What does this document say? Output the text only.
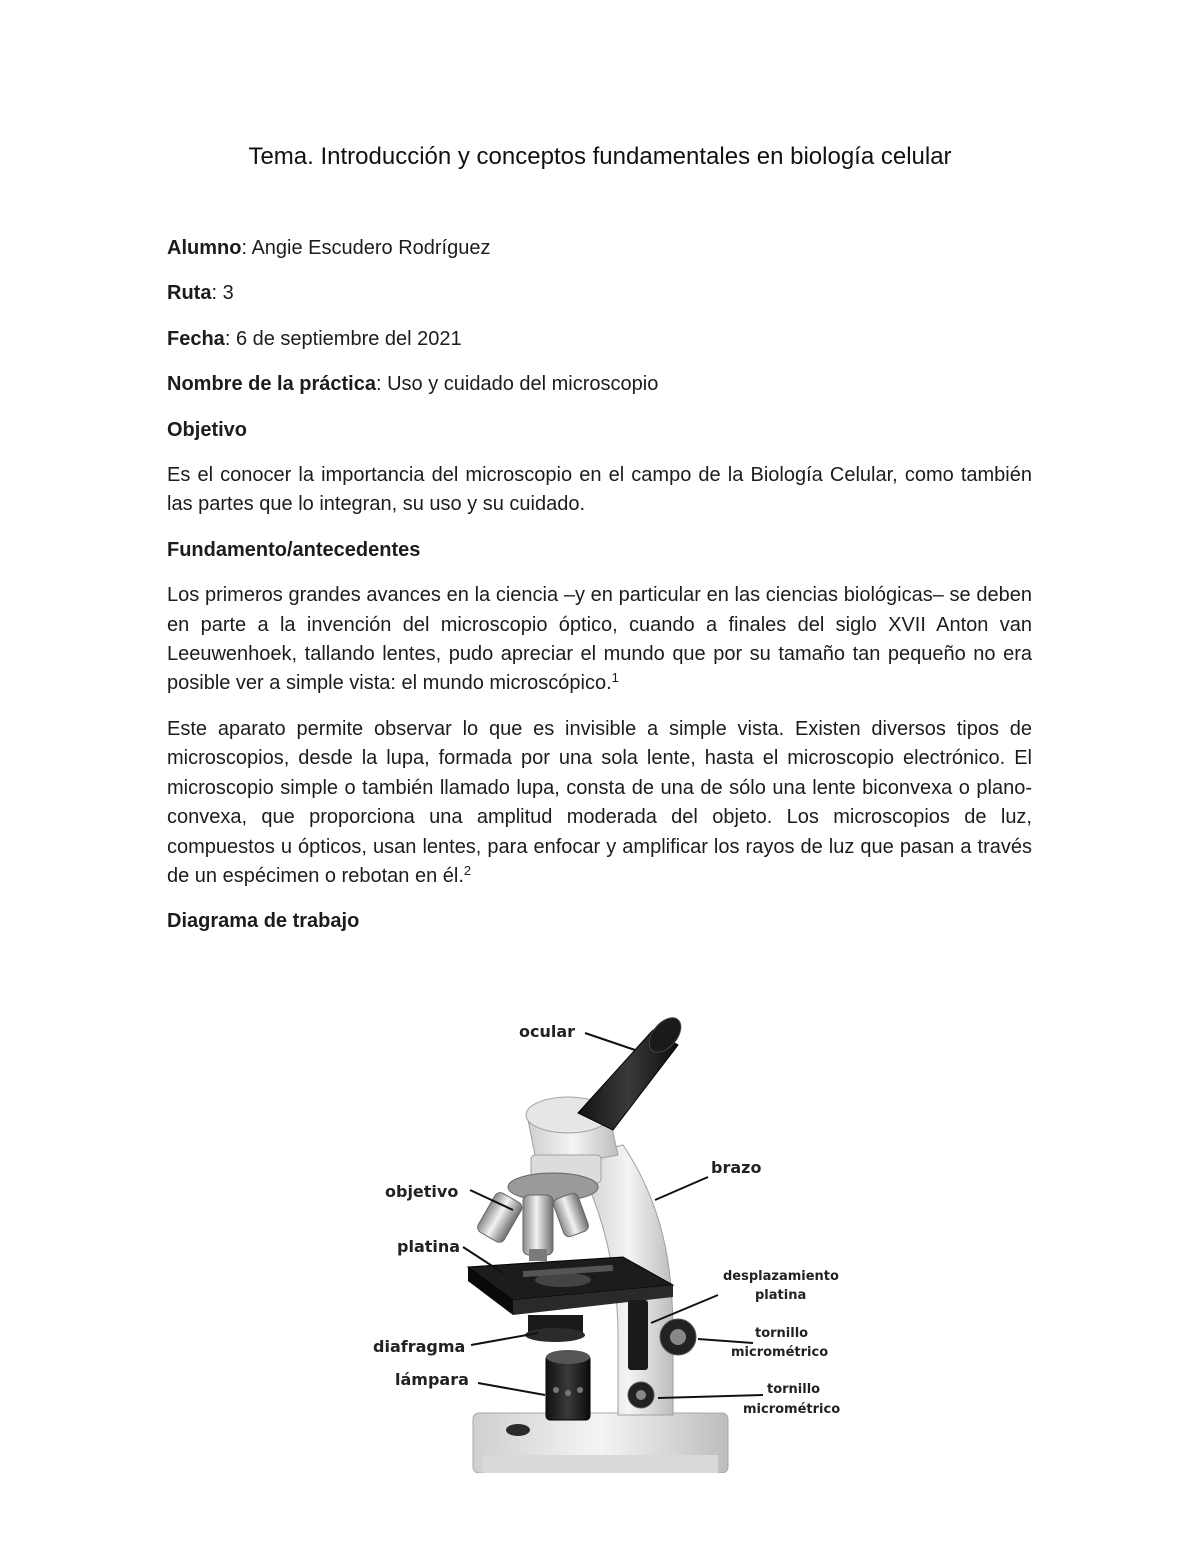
Tema. Introducción y conceptos fundamentales en biología celular
Alumno: Angie Escudero Rodríguez
Ruta: 3
Fecha: 6 de septiembre del 2021
Nombre de la práctica: Uso y cuidado del microscopio
Objetivo
Es el conocer la importancia del microscopio en el campo de la Biología Celular, como también las partes que lo integran, su uso y su cuidado.
Fundamento/antecedentes
Los primeros grandes avances en la ciencia –y en particular en las ciencias biológicas– se deben en parte a la invención del microscopio óptico, cuando a finales del siglo XVII Anton van Leeuwenhoek, tallando lentes, pudo apreciar el mundo que por su tamaño tan pequeño no era posible ver a simple vista: el mundo microscópico.$^1$
Este aparato permite observar lo que es invisible a simple vista. Existen diversos tipos de microscopios, desde la lupa, formada por una sola lente, hasta el microscopio electrónico. El microscopio simple o también llamado lupa, consta de una de sólo una lente biconvexa o plano- convexa, que proporciona una amplitud moderada del objeto. Los microscopios de luz, compuestos u ópticos, usan lentes, para enfocar y amplificar los rayos de luz que pasan a través de un espécimen o rebotan en él.$^2$
Diagrama de trabajo
ocular
brazo
objetivo
platina
desplazamiento
platina
tornillo
micrométrico
diafragma
lámpara
tornillo
micrométrico
